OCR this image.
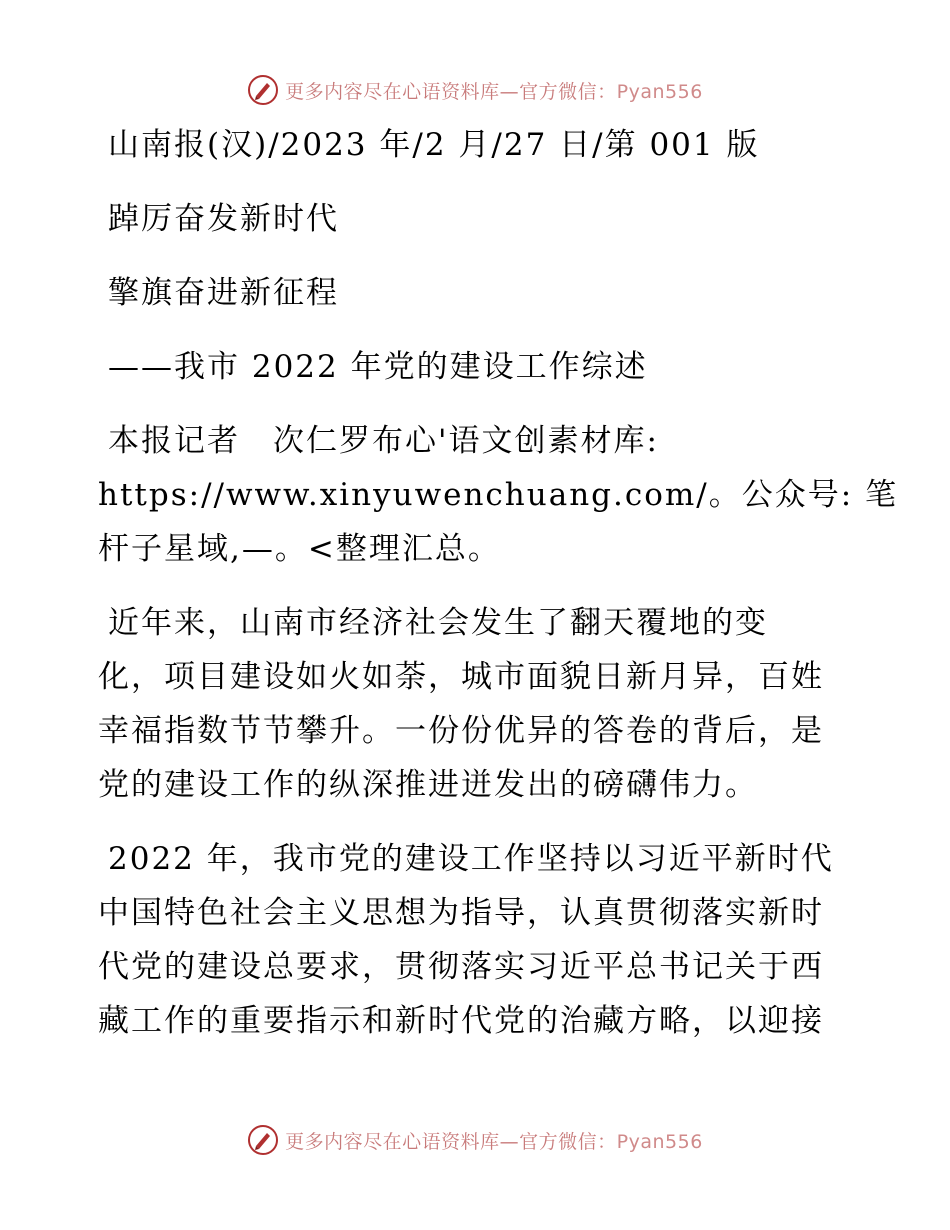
更多内容尽在心语资料库—官方微信：Pyan556
山南报(汉)/2023 年/2 月/27 日/第 001 版
踔厉奋发新时代
擎旗奋进新征程
——我市 2022 年党的建设工作综述
本报记者　次仁罗布心'语文创素材库:
https://www.xinyuwenchuang.com/。公众号: 笔
杆子星域,—。<整理汇总。
近年来，山南市经济社会发生了翻天覆地的变
化，项目建设如火如荼，城市面貌日新月异，百姓
幸福指数节节攀升。一份份优异的答卷的背后，是
党的建设工作的纵深推进迸发出的磅礴伟力。
2022 年，我市党的建设工作坚持以习近平新时代
中国特色社会主义思想为指导，认真贯彻落实新时
代党的建设总要求，贯彻落实习近平总书记关于西
藏工作的重要指示和新时代党的治藏方略，以迎接
更多内容尽在心语资料库—官方微信：Pyan556
